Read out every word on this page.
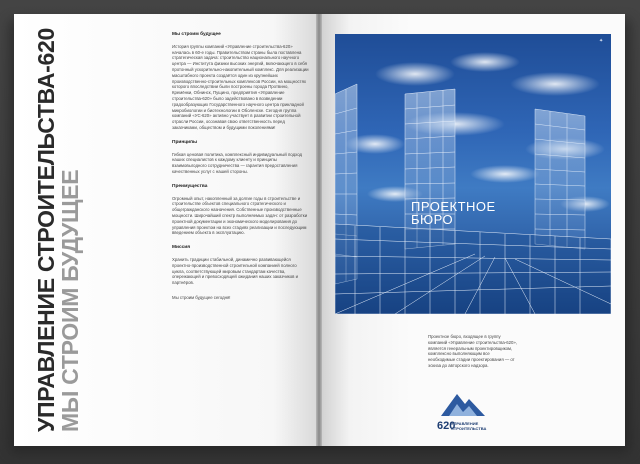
УПРАВЛЕНИЕ СТРОИТЕЛЬСТВА-620
МЫ СТРОИМ БУДУЩЕЕ
Мы строим будущее

История группы компаний «Управление строительства-620» началась в 60-е годы. Правительством страны была поставлена стратегическая задача: строительство национального научного центра — Института физики высоких энергий, включающего в себя протонный ускорительно-накопительный комплекс. Для реализации масштабного проекта создаётся один из крупнейших производственно-строительных комплексов России, на мощностях которого впоследствии были построены города Протвино, Кремёнки, Обнинск, Пущино, предприятия «Управление строительства-620» было задействовано в возведении градообразующих Государственного научного центра прикладной микробиологии и биотехнологии в Оболенске. Сегодня группа компаний «УС-620» активно участвует в развитии строительной отрасли России, осознавая свою ответственность перед заказчиками, обществом и будущими поколениями!

Принципы

Гибкая ценовая политика, комплексный индивидуальный подход наших специалистов к каждому клиенту и принципы взаимовыгодного сотрудничества — гарантия предоставления качественных услуг с нашей стороны.

Преимущества

Огромный опыт, накопленный за долгие годы в строительстве и строительстве объектов специального стратегического и общегражданского назначения. Собственные производственные мощности. Широчайший спектр выполняемых задач: от разработки проектной документации и экономического моделирования до управления проектом на всех стадиях реализации и последующим введением объекта в эксплуатацию.

Миссия

Хранить традиции стабильной, динамично развивающейся проектно-производственной строительной компанией полного цикла, соответствующей мировым стандартам качества, опережающей и превосходящей ожидания наших заказчиков и партнёров.

Мы строим будущее сегодня!

ПРОЕКТНОЕ
БЮРО
✦
Проектное бюро, входящее в группу компаний «Управление строительства-620», является генеральным проектировщиком, комплексно выполняющим все необходимые стадии проектирования — от эскиза до авторского надзора.
620
УПРАВЛЕНИЕ
СТРОИТЕЛЬСТВА
